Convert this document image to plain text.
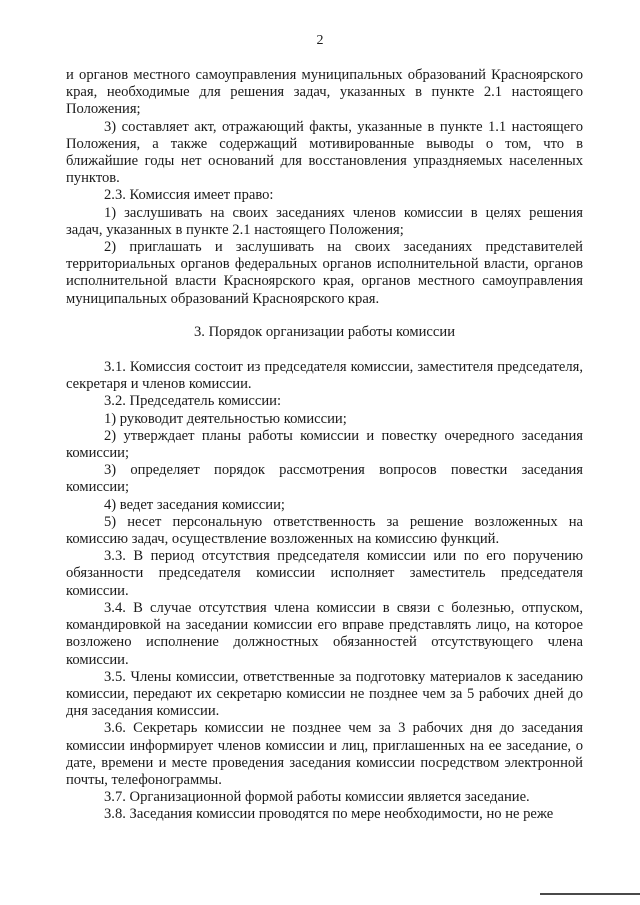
2

и органов местного самоуправления муниципальных образований Красноярского края, необходимые для решения задач, указанных в пункте 2.1 настоящего Положения;

3) составляет акт, отражающий факты, указанные в пункте 1.1 настоящего Положения, а также содержащий мотивированные выводы о том, что в ближайшие годы нет оснований для восстановления упраздняемых населенных пунктов.

2.3. Комиссия имеет право:

1) заслушивать на своих заседаниях членов комиссии в целях решения задач, указанных в пункте 2.1 настоящего Положения;

2) приглашать и заслушивать на своих заседаниях представителей территориальных органов федеральных органов исполнительной власти, органов исполнительной власти Красноярского края, органов местного самоуправления муниципальных образований Красноярского края.

3. Порядок организации работы комиссии

3.1. Комиссия состоит из председателя комиссии, заместителя председателя, секретаря и членов комиссии.

3.2. Председатель комиссии:

1) руководит деятельностью комиссии;

2) утверждает планы работы комиссии и повестку очередного заседания комиссии;

3) определяет порядок рассмотрения вопросов повестки заседания комиссии;

4) ведет заседания комиссии;

5) несет персональную ответственность за решение возложенных на комиссию задач, осуществление возложенных на комиссию функций.

3.3. В период отсутствия председателя комиссии или по его поручению обязанности председателя комиссии исполняет заместитель председателя комиссии.

3.4. В случае отсутствия члена комиссии в связи с болезнью, отпуском, командировкой на заседании комиссии его вправе представлять лицо, на которое возложено исполнение должностных обязанностей отсутствующего члена комиссии.

3.5. Члены комиссии, ответственные за подготовку материалов к заседанию комиссии, передают их секретарю комиссии не позднее чем за 5 рабочих дней до дня заседания комиссии.

3.6. Секретарь комиссии не позднее чем за 3 рабочих дня до заседания комиссии информирует членов комиссии и лиц, приглашенных на ее заседание, о дате, времени и месте проведения заседания комиссии посредством электронной почты, телефонограммы.

3.7. Организационной формой работы комиссии является заседание.

3.8. Заседания комиссии проводятся по мере необходимости, но не реже
